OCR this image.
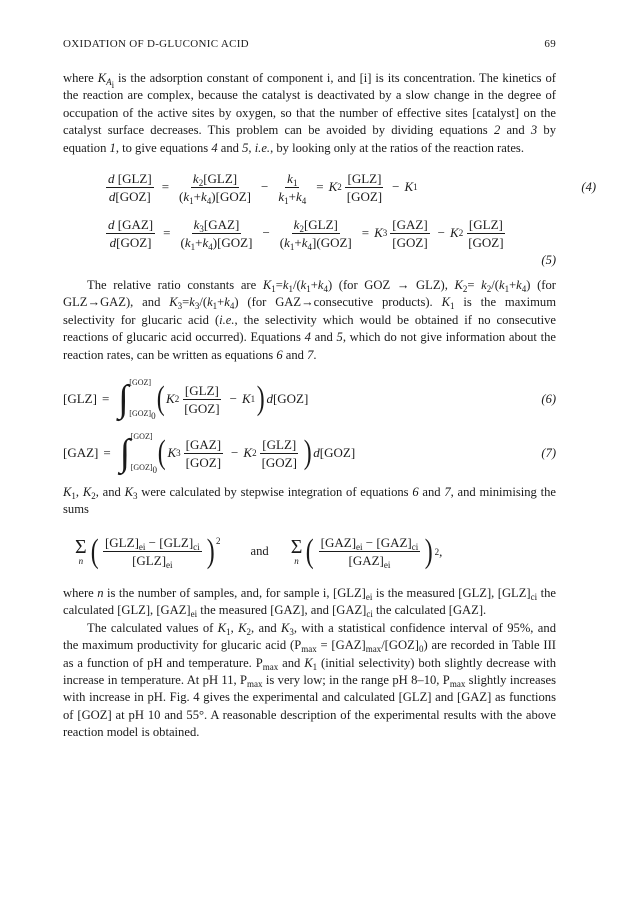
OXIDATION OF D-GLUCONIC ACID	69

where $K_{A_i}$ is the adsorption constant of component i, and [i] is its concentration. The kinetics of the reaction are complex, because the catalyst is deactivated by a slow change in the degree of occupation of the active sites by oxygen, so that the number of effective sites [catalyst] on the catalyst surface decreases. This problem can be avoided by dividing equations 2 and 3 by equation 1, to give equations 4 and 5, i.e., by looking only at the ratios of the reaction rates.

$\frac{\text{d [GLZ]}}{\text{d[GOZ]}} = \frac{k_2[GLZ]}{(k_1+k_4)[GOZ]} - \frac{k_1}{k_1+k_4} = K$ $2 \frac{\text{[GLZ]}}{\text{[GOZ]}} - K$ 1	(4)
$\frac{\text{d [GAZ]}}{\text{d[GOZ]}} = \frac{k_3[GAZ]}{(k_1+k_4)[GOZ]} - \frac{k_2[GLZ]}{(k_1+k_4](GOZ]} = K$ $3 \frac{\text{[GAZ]}}{\text{[GOZ]}} - K$ $2 \frac{\text{[GLZ]}}{\text{[GOZ]}}$
(5)

The relative ratio constants are $K_1=k_1/(k_1+k_4)$ (for GOZ → GLZ), $K_2= k_2/(k_1+k_4)$ (for GLZ→GAZ), and $K_3=k_3/(k_1+k_4)$ (for GAZ→consecutive products). $K_1$ is the maximum selectivity for glucaric acid (i.e., the selectivity which would be obtained if no consecutive reactions of glucaric acid occurred). Equations 4 and 5, which do not give information about the reaction rates, can be written as equations 6 and 7.

[GLZ] =
[GOZ]
∫ $[GOZ]_0$ ( K $2 \frac{\text{[GLZ]}}{\text{[GOZ]}} - K$ 1 ) d [GOZ]	(6)
[GAZ] =
[GOZ]
∫ $[GOZ]_0$ ( K $3 \frac{\text{[GAZ]}}{\text{[GOZ]}} - K$ $2 \frac{\text{[GLZ]}}{\text{[GOZ]}}$ ) d [GOZ]	(7)

$K_1$, $K_2$, and $K_3$ were calculated by stepwise integration of equations 6 and 7, and minimising the sums

Σ
n ( $\frac{[GLZ]_{ei} - [GLZ]_{ci}}{[GLZ]_{ei}}$ ) 2
and Σ
n ( $\frac{[GAZ]_{ei} - [GAZ]_{ci}}{[GAZ]_{ei}}$ ) 2 ,

where n is the number of samples, and, for sample i, $[GLZ]_{ei}$ is the measured [GLZ], $[GLZ]_{ci}$ the calculated [GLZ], $[GAZ]_{ei}$ the measured [GAZ], and $[GAZ]_{ci}$ the calculated [GAZ].

The calculated values of $K_1$, $K_2$, and $K_3$, with a statistical confidence interval of 95%, and the maximum productivity for glucaric acid $(P_{max} = [GAZ]_{max}/[GOZ]_0)$ are recorded in Table III as a function of pH and temperature. $P_{max}$ and $K_1$ (initial selectivity) both slightly decrease with increase in temperature. At pH 11, $P_{max}$ is very low; in the range pH 8–10, $P_{max}$ slightly increases with increase in pH. Fig. 4 gives the experimental and calculated [GLZ] and [GAZ] as functions of [GOZ] at pH 10 and 55°. A reasonable description of the experimental results with the above reaction model is obtained.
